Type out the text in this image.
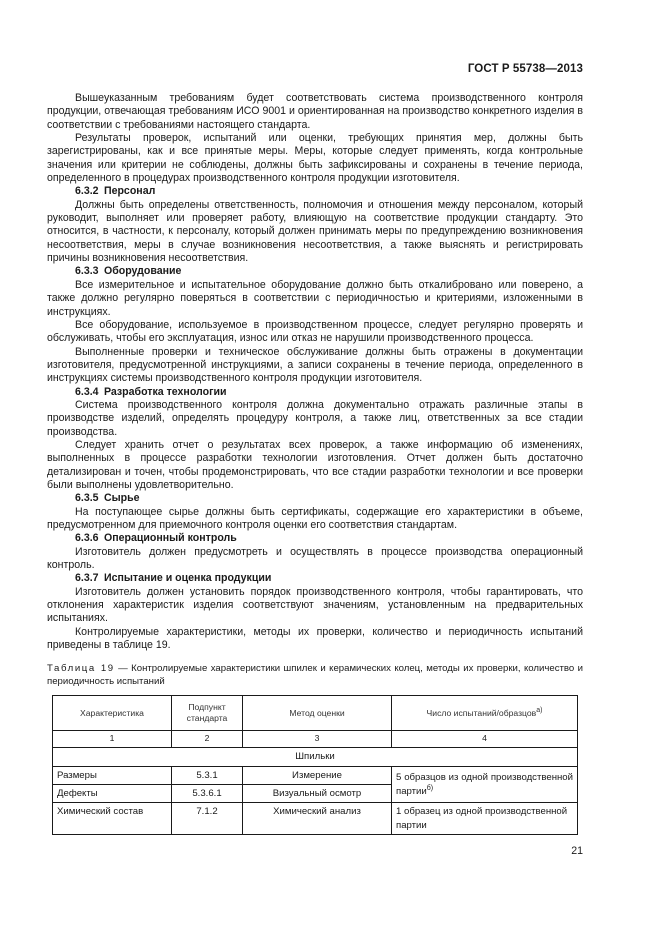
ГОСТ Р 55738—2013

Вышеуказанным требованиям будет соответствовать система производственного контроля продукции, отвечающая требованиям ИСО 9001 и ориентированная на производство конкретного изделия в соответствии с требованиями настоящего стандарта.

Результаты проверок, испытаний или оценки, требующих принятия мер, должны быть зарегистрированы, как и все принятые меры. Меры, которые следует применять, когда контрольные значения или критерии не соблюдены, должны быть зафиксированы и сохранены в течение периода, определенного в процедурах производственного контроля продукции изготовителя.

6.3.2 Персонал

Должны быть определены ответственность, полномочия и отношения между персоналом, который руководит, выполняет или проверяет работу, влияющую на соответствие продукции стандарту. Это относится, в частности, к персоналу, который должен принимать меры по предупреждению возникновения несоответствия, меры в случае возникновения несоответствия, а также выяснять и регистрировать причины возникновения несоответствия.

6.3.3 Оборудование

Все измерительное и испытательное оборудование должно быть откалибровано или поверено, а также должно регулярно поверяться в соответствии с периодичностью и критериями, изложенными в инструкциях.

Все оборудование, используемое в производственном процессе, следует регулярно проверять и обслуживать, чтобы его эксплуатация, износ или отказ не нарушили производственного процесса.

Выполненные проверки и техническое обслуживание должны быть отражены в документации изготовителя, предусмотренной инструкциями, а записи сохранены в течение периода, определенного в инструкциях системы производственного контроля продукции изготовителя.

6.3.4 Разработка технологии

Система производственного контроля должна документально отражать различные этапы в производстве изделий, определять процедуру контроля, а также лиц, ответственных за все стадии производства.

Следует хранить отчет о результатах всех проверок, а также информацию об изменениях, выполненных в процессе разработки технологии изготовления. Отчет должен быть достаточно детализирован и точен, чтобы продемонстрировать, что все стадии разработки технологии и все проверки были выполнены удовлетворительно.

6.3.5 Сырье

На поступающее сырье должны быть сертификаты, содержащие его характеристики в объеме, предусмотренном для приемочного контроля оценки его соответствия стандартам.

6.3.6 Операционный контроль

Изготовитель должен предусмотреть и осуществлять в процессе производства операционный контроль.

6.3.7 Испытание и оценка продукции

Изготовитель должен установить порядок производственного контроля, чтобы гарантировать, что отклонения характеристик изделия соответствуют значениям, установленным на предварительных испытаниях.

Контролируемые характеристики, методы их проверки, количество и периодичность испытаний приведены в таблице 19.

Таблица 19 — Контролируемые характеристики шпилек и керамических колец, методы их проверки, количество и периодичность испытаний

Характеристика	Подпункт стандарта	Метод оценки	Число испытаний/образцов$^{а)}$
1	2	3	4
Шпильки			
Размеры	5.3.1	Измерение	5 образцов из одной производственной партии$^{б)}$
Дефекты	5.3.6.1	Визуальный осмотр	
Химический состав	7.1.2	Химический анализ	1 образец из одной производственной партии
21
